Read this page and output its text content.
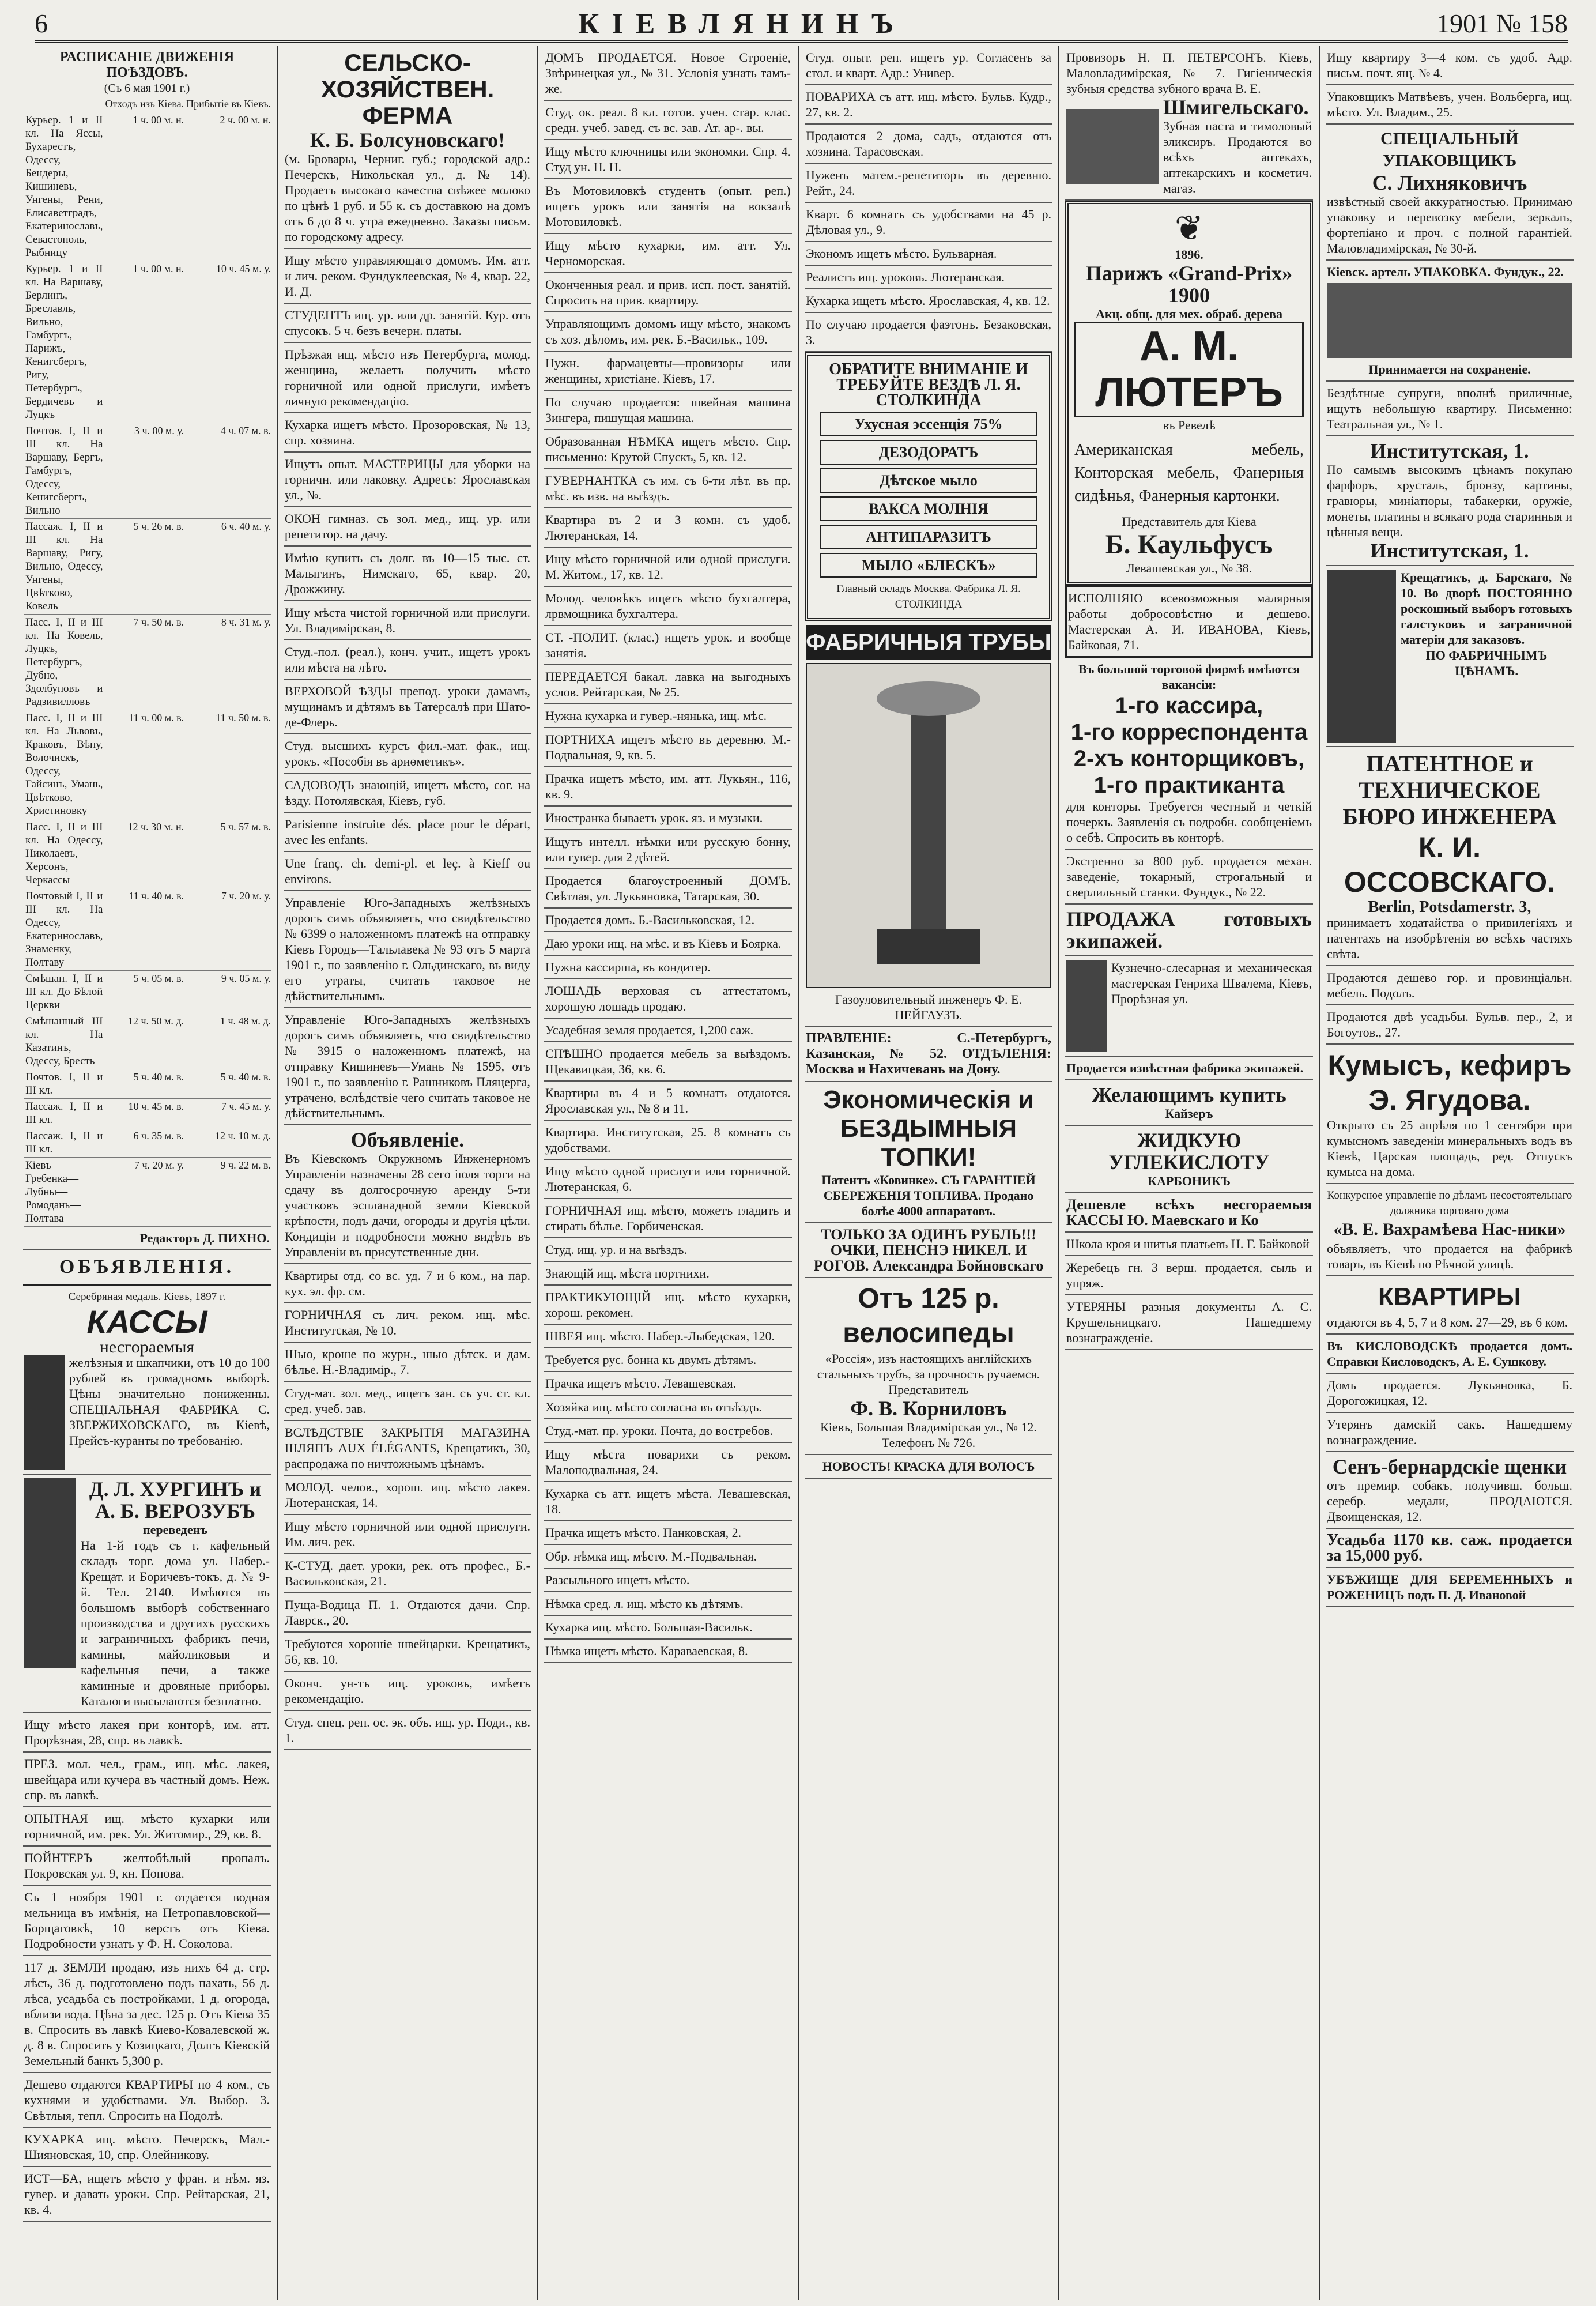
6	КІЕВЛЯНИНЪ	1901 № 158
РАСПИСАНІЕ ДВИЖЕНІЯ ПОѢЗДОВЪ.
(Съ 6 мая 1901 г.)
	Отходъ изъ Кіева.	Прибытіе въ Кіевъ.
Курьер. 1 и II кл. На Ясcы, Бухарестъ, Одессу, Бендеры, Кишиневъ, Унгены, Рени, Елисаветградъ, Екатеринославъ, Севастополь, Рыбницу	1 ч. 00 м. н.	2 ч. 00 м. н.
Курьер. 1 и II кл. На Варшаву, Берлинъ, Бреславль, Вильно, Гамбургъ, Парижъ, Кенигсбергъ, Ригу, Петербургъ, Бердичевъ и Луцкъ	1 ч. 00 м. н.	10 ч. 45 м. у.
Почтов. I, II и III кл. На Варшаву, Бергъ, Гамбургъ, Одессу, Кенигсбергъ, Вильно	3 ч. 00 м. у.	4 ч. 07 м. в.
Пассаж. I, II и III кл. На Варшаву, Ригу, Вильно, Одессу, Унгены, Цвѣтково, Ковель	5 ч. 26 м. в.	6 ч. 40 м. у.
Пасс. I, II и III кл. На Ковель, Луцкъ, Петербургъ, Дубно, Здолбуновъ и Радзивилловъ	7 ч. 50 м. в.	8 ч. 31 м. у.
Пасс. I, II и III кл. На Львовъ, Краковъ, Вѣну, Волочискъ, Одессу, Гайсинъ, Умань, Цвѣтково, Христиновку	11 ч. 00 м. в.	11 ч. 50 м. в.
Пасс. I, II и III кл. На Одессу, Николаевъ, Херсонъ, Черкассы	12 ч. 30 м. н.	5 ч. 57 м. в.
Почтовый I, II и III кл. На Одессу, Екатеринославъ, Знаменку, Полтаву	11 ч. 40 м. в.	7 ч. 20 м. у.
Смѣшан. I, II и III кл. До Бѣлой Церкви	5 ч. 05 м. в.	9 ч. 05 м. у.
Смѣшанный III кл. На Казатинъ, Одессу, Бресть	12 ч. 50 м. д.	1 ч. 48 м. д.
Почтов. I, II и III кл.	5 ч. 40 м. в.	5 ч. 40 м. в.
Пассаж. I, II и III кл.	10 ч. 45 м. в.	7 ч. 45 м. у.
Пассаж. I, II и III кл.	6 ч. 35 м. в.	12 ч. 10 м. д.
Кіевъ—Гребенка—Лубны—Ромодань—Полтава	7 ч. 20 м. у.	9 ч. 22 м. в.
Редакторъ Д. ПИХНО.
ОБЪЯВЛЕНІЯ.
Серебряная медаль. Кіевъ, 1897 г.
КАССЫ
несгораемыя
желѣзныя и шкапчики, отъ 10 до 100 рублей въ громадномъ выборѣ. Цѣны значительно пониженны. СПЕЦІАЛЬНАЯ ФАБРИКА С. ЗВЕРЖИХОВСКАГО, въ Кіевѣ, Прейсъ-куранты по требованію.
Д. Л. ХУРГИНЪ и А. Б. ВЕРОЗУБЪ
переведенъ
На 1-й годъ съ г. кафельный складъ торг. дома ул. Набер.-Крещат. и Боричевъ-токъ, д. № 9-й. Тел. 2140. Имѣются въ большомъ выборѣ собственнаго производства и другихъ русскихъ и заграничныхъ фабрикъ печи, камины, майоликовыя и кафельныя печи, а также каминные и дровяные приборы. Каталоги высылаются безплатно.
Ищу мѣсто лакея при конторѣ, им. атт. Прорѣзная, 28, спр. въ лавкѣ.
ПРЕЗ. мол. чел., грам., ищ. мѣс. лакея, швейцара или кучера въ частный домъ. Неж. спр. въ лавкѣ.
ОПЫТНАЯ ищ. мѣсто кухарки или горничной, им. рек. Ул. Житомир., 29, кв. 8.
ПОЙНТЕРЪ желтобѣлый пропалъ. Покровская ул. 9, кн. Попова.
Съ 1 ноября 1901 г. отдается водная мельница въ имѣнія, на Петропавловской—Борщаговкѣ, 10 верстъ отъ Кіева. Подробности узнать у Ф. Н. Соколова.
117 д. ЗЕМЛИ продаю, изъ нихъ 64 д. стр. лѣсъ, 36 д. подготовлено подъ пахать, 56 д. лѣса, усадьба съ постройками, 1 д. огорода, вблизи вода. Цѣна за дес. 125 р. Отъ Кіева 35 в. Спросить въ лавкѣ Киево-Ковалевской ж. д. 8 в. Спросить у Козицкаго, Долгъ Кіевскій Земельный банкъ 5,300 р.
Дешево отдаются КВАРТИРЫ по 4 ком., съ кухнями и удобствами. Ул. Выбор. 3. Свѣтлыя, тепл. Спросить на Подолѣ.
КУХАРКА ищ. мѣсто. Печерскъ, Мал.-Шияновская, 10, спр. Олейникову.
ИСТ—БА, ищетъ мѣсто у фран. и нѣм. яз. гувер. и давать уроки. Спр. Рейтарская, 21, кв. 4.
СЕЛЬСКО-ХОЗЯЙСТВЕН. ФЕРМА
К. Б. Болсуновскаго!
(м. Бровары, Черниг. губ.; городской адр.: Печерскъ, Никольская ул., д. № 14). Продаетъ высокаго качества свѣжее молоко по цѣнѣ 1 руб. и 55 к. съ доставкою на домъ отъ 6 до 8 ч. утра ежедневно. Заказы письм. по городскому адресу.
Ищу мѣсто управляющаго домомъ. Им. атт. и лич. реком. Фундуклеевская, № 4, квар. 22, И. Д.
СТУДЕНТЪ ищ. ур. или др. занятій. Кур. отъ спусокъ. 5 ч. безъ вечерн. платы.
Прѣзжая ищ. мѣсто изъ Петербурга, молод. женщина, желаетъ получить мѣсто горничной или одной прислуги, имѣетъ личную рекомендацію.
Кухарка ищетъ мѣсто. Прозоровская, № 13, спр. хозяина.
Ищутъ опыт. МАСТЕРИЦЫ для уборки на горничн. или лаковку. Адресъ: Ярославская ул., №.
ОКОН гимназ. съ зол. мед., ищ. ур. или репетитор. на дачу.
Имѣю купить съ долг. въ 10—15 тыс. ст. Малыгинъ, Нимскаго, 65, квар. 20, Дрожжину.
Ищу мѣста чистой горничной или прислуги. Ул. Владимірская, 8.
Студ.-пол. (реал.), конч. учит., ищетъ урокъ или мѣста на лѣто.
ВЕРХОВОЙ ѢЗДЫ препод. уроки дамамъ, мущинамъ и дѣтямъ въ Татерсалѣ при Шато-де-Флерь.
Студ. высшихъ курсъ фил.-мат. фак., ищ. урокъ. «Пособія въ ариѳметикъ».
САДОВОДЪ знающій, ищетъ мѣсто, сог. на ѣзду. Потолявская, Кіевъ, губ.
Parisienne instruite dés. place pour le départ, avec les enfants.
Une franç. ch. demi-pl. et leç. à Kieff ou environs.
Управленіе Юго-Западныхъ желѣзныхъ дорогъ симъ объявляетъ, что свидѣтельство № 6399 о наложенномъ платежѣ на отправку Кіевъ Городъ—Тальлавека № 93 отъ 5 марта 1901 г., по заявленію г. Ольдинскаго, въ виду его утраты, считать таковое не дѣйствительнымъ.
Управленіе Юго-Западныхъ желѣзныхъ дорогъ симъ объявляетъ, что свидѣтельство № 3915 о наложенномъ платежѣ, на отправку Кишиневъ—Умань № 1595, отъ 1901 г., по заявленію г. Рашниковъ Пляцерга, утрачено, вслѣдствіе чего считать таковое не дѣйствительнымъ.
Объявленіе.
Въ Кіевскомъ Окружномъ Инженерномъ Управленіи назначены 28 сего іюля торги на сдачу въ долгосрочную аренду 5-ти участковъ эспланадной земли Кіевской крѣпости, подъ дачи, огороды и другія цѣли. Кондиціи и подробности можно видѣть въ Управленіи въ присутственные дни.
Квартиры отд. со вс. уд. 7 и 6 ком., на пар. кух. эл. фр. см.
ГОРНИЧНАЯ съ лич. реком. ищ. мѣс. Институтская, № 10.
Шью, кроше по журн., шью дѣтск. и дам. бѣлье. Н.-Владимір., 7.
Студ-мат. зол. мед., ищетъ зан. съ уч. ст. кл. сред. учеб. зав.
ВСЛѢДСТВІЕ ЗАКРЫТІЯ МАГАЗИНА ШЛЯПЪ AUX ÉLÉGANTS, Крещатикъ, 30, распродажа по ничтожнымъ цѣнамъ.
МОЛОД. челов., хорош. ищ. мѣсто лакея. Лютеранская, 14.
Ищу мѣсто горничной или одной прислуги. Им. лич. рек.
К-СТУД. дает. уроки, рек. отъ профес., Б.-Васильковская, 21.
Пуща-Водица П. 1. Отдаются дачи. Спр. Лаврск., 20.
Требуются хорошіе швейцарки. Крещатикъ, 56, кв. 10.
Оконч. ун-тъ ищ. уроковъ, имѣетъ рекомендацію.
Студ. спец. реп. ос. эк. объ. ищ. ур. Поди., кв. 1.
ДОМЪ ПРОДАЕТСЯ. Новое Строеніе, Звѣринецкая ул., № 31. Условія узнать тамъ-же.
Студ. ок. реал. 8 кл. готов. учен. стар. клас. средн. учеб. завед. съ вс. зав. Ат. ар-. вы.
Ищу мѣсто ключницы или экономки. Спр. 4. Студ ун. Н. Н.
Въ Мотовиловкѣ студентъ (опыт. реп.) ищетъ урокъ или занятія на вокзалѣ Мотовиловкѣ.
Ищу мѣсто кухарки, им. атт. Ул. Черноморская.
Оконченныя реал. и прив. исп. пост. занятій. Спросить на прив. квартиру.
Управляющимъ домомъ ищу мѣсто, знакомъ съ хоз. дѣломъ, им. рек. Б.-Васильк., 109.
Нужн. фармацевты—провизоры или женщины, христіане. Кіевъ, 17.
По случаю продается: швейная машина Зингера, пишущая машина.
Образованная НѢМКА ищетъ мѣсто. Спр. письменно: Крутой Спускъ, 5, кв. 12.
ГУВЕРНАНТКА съ им. съ 6-ти лѣт. въ пр. мѣс. въ изв. на выѣздъ.
Квартира въ 2 и 3 комн. съ удоб. Лютеранская, 14.
Ищу мѣсто горничной или одной прислуги. М. Житом., 17, кв. 12.
Молод. человѣкъ ищетъ мѣсто бухгалтера, лрвмощника бухгалтера.
СТ. -ПОЛИТ. (клас.) ищетъ урок. и вообще занятія.
ПЕРЕДАЕТСЯ бакал. лавка на выгодныхъ услов. Рейтарская, № 25.
Нужна кухарка и гувер.-нянька, ищ. мѣс.
ПОРТНИХА ищетъ мѣсто въ деревню. М.-Подвальная, 9, кв. 5.
Прачка ищетъ мѣсто, им. атт. Лукьян., 116, кв. 9.
Иностранка бываетъ урок. яз. и музыки.
Ищутъ интелл. нѣмки или русскую бонну, или гувер. для 2 дѣтей.
Продается благоустроенный ДОМЪ. Свѣтлая, ул. Лукьяновка, Татарская, 30.
Продается домъ. Б.-Васильковская, 12.
Даю уроки ищ. на мѣс. и въ Кіевъ и Боярка.
Нужна кассирша, въ кондитер.
ЛОШАДЬ верховая съ аттестатомъ, хорошую лошадь продаю.
Усадебная земля продается, 1,200 саж.
СПѢШНО продается мебель за выѣздомъ. Щекавицкая, 36, кв. 6.
Квартиры въ 4 и 5 комнатъ отдаются. Ярославская ул., № 8 и 11.
Квартира. Институтская, 25. 8 комнатъ съ удобствами.
Ищу мѣсто одной прислуги или горничной. Лютеранская, 6.
ГОРНИЧНАЯ ищ. мѣсто, можетъ гладить и стирать бѣлье. Горбиченская.
Студ. ищ. ур. и на выѣздъ.
Знающій ищ. мѣста портнихи.
ПРАКТИКУЮЩІЙ ищ. мѣсто кухарки, хорош. рекомен.
ШВЕЯ ищ. мѣсто. Набер.-Лыбедская, 120.
Требуется рус. бонна къ двумъ дѣтямъ.
Прачка ищетъ мѣсто. Левашевская.
Хозяйка ищ. мѣсто согласна въ отъѣздъ.
Студ.-мат. пр. уроки. Почта, до востребов.
Ищу мѣста поварихи съ реком. Малоподвальная, 24.
Кухарка съ атт. ищетъ мѣста. Левашевская, 18.
Прачка ищетъ мѣсто. Панковская, 2.
Обр. нѣмка ищ. мѣсто. М.-Подвальная.
Разсыльного ищетъ мѣсто.
Нѣмка сред. л. ищ. мѣсто къ дѣтямъ.
Кухарка ищ. мѣсто. Большая-Васильк.
Нѣмка ищетъ мѣсто. Караваевская, 8.
Студ. опыт. реп. ищетъ ур. Согласенъ за стол. и кварт. Адр.: Универ.
ПОВАРИХА съ атт. ищ. мѣсто. Бульв. Кудр., 27, кв. 2.
Продаются 2 дома, садъ, отдаются отъ хозяина. Тарасовская.
Нуженъ матем.-репетиторъ въ деревню. Рейт., 24.
Кварт. 6 комнатъ съ удобствами на 45 р. Дѣловая ул., 9.
Экономъ ищетъ мѣсто. Бульварная.
Реалистъ ищ. уроковъ. Лютеранская.
Кухарка ищетъ мѣсто. Ярославская, 4, кв. 12.
По случаю продается фаэтонъ. Безаковская, 3.
ОБРАТИТЕ ВНИМАНІЕ И ТРЕБУЙТЕ ВЕЗДѢ Л. Я. СТОЛКИНДА
Ухусная эссенція 75%
ДЕЗОДОРАТЪ
Дѣтское мыло
ВАКСА МОЛНІЯ
АНТИПАРАЗИТЪ
МЫЛО «БЛЕСКЪ»
Главный складъ Москва. Фабрика Л. Я. СТОЛКИНДА
ФАБРИЧНЫЯ ТРУБЫ
Газоуловительный инженеръ Ф. Е. НЕЙГАУЗЪ.
ПРАВЛЕНІЕ: С.-Петербургъ, Казанская, № 52. ОТДѢЛЕНІЯ: Москва и Нахичевань на Дону.
Экономическія и БЕЗДЫМНЫЯ ТОПКИ!
Патентъ «Ковинке». СЪ ГАРАНТІЕЙ СБЕРЕЖЕНІЯ ТОПЛИВА. Продано болѣе 4000 аппаратовъ.
ТОЛЬКО ЗА ОДИНЪ РУБЛЬ!!! ОЧКИ, ПЕНСНЭ НИКЕЛ. И РОГОВ. Александра Бойновскаго
Отъ 125 р. велосипеды
«Россія», изъ настоящихъ англійскихъ стальныхъ трубъ, за прочность ручаемся. Представитель
Ф. В. Корниловъ
Кіевъ, Большая Владимірская ул., № 12. Телефонъ № 726.
НОВОСТЬ! КРАСКА ДЛЯ ВОЛОСЪ
Провизоръ Н. П. ПЕТЕРСОНЪ. Кіевъ, Маловладимірская, № 7. Гигіеническія зубныя средства зубного врача В. Е.
Шмигельскаго.
Зубная паста и тимоловый эликсиръ. Продаются во всѣхъ аптекахъ, аптекарскихъ и косметич. магаз.
❦
1896.
Парижъ «Grand-Prix» 1900
Акц. общ. для мех. обраб. дерева
А. М. ЛЮТЕРЪ
въ Ревелѣ
Американская мебель, Конторская мебель, Фанерныя сидѣнья, Фанерныя картонки.
Представитель для Кіева
Б. Каульфусъ
Левашевская ул., № 38.
ИСПОЛНЯЮ всевозможныя малярныя работы добросовѣстно и дешево. Мастерская А. И. ИВАНОВА, Кіевъ, Байковая, 71.
Въ большой торговой фирмѣ имѣются вакансіи:
1-го кассира,
1-го корреспондента
2-хъ конторщиковъ,
1-го практиканта
для конторы. Требуется честный и четкій почеркъ. Заявленія съ подробн. сообщеніемъ о себѣ. Спросить въ конторѣ.
Экстренно за 800 руб. продается механ. заведеніе, токарный, строгальный и сверлильный станки. Фундук., № 22.
ПРОДАЖА готовыхъ экипажей.
Кузнечно-слесарная и механическая мастерская Генриха Швалема, Кіевъ, Прорѣзная ул.
Продается извѣстная фабрика экипажей.
Желающимъ купить
Кайзеръ
ЖИДКУЮ УГЛЕКИСЛОТУ
КАРБОНИКЪ
Дешевле всѣхъ несгораемыя КАССЫ Ю. Маевскаго и Ко
Школа кроя и шитья платьевъ Н. Г. Байковой
Жеребецъ гн. 3 верш. продается, сыль и упряж.
УТЕРЯНЫ разныя документы А. С. Крушельницкаго. Нашедшему вознагражденіе.
Ищу квартиру 3—4 ком. съ удоб. Адр. письм. почт. ящ. № 4.
Упаковщикъ Матвѣевъ, учен. Вольберга, ищ. мѣсто. Ул. Владим., 25.
СПЕЦІАЛЬНЫЙ УПАКОВЩИКЪ
С. Лихняковичъ
извѣстный своей аккуратностью. Принимаю упаковку и перевозку мебели, зеркалъ, фортепіано и проч. с полной гарантіей. Маловладимірская, № 30-й.
Кіевск. артель УПАКОВКА. Фундук., 22.
Принимается на сохраненіе.
Бездѣтные супруги, вполнѣ приличные, ищутъ небольшую квартиру. Письменно: Театральная ул., № 1.
Институтская, 1.
По самымъ высокимъ цѣнамъ покупаю фарфоръ, хрусталь, бронзу, картины, гравюры, миніатюры, табакерки, оружіе, монеты, платины и всякаго рода старинныя и цѣнныя вещи.
Институтская, 1.
Крещатикъ, д. Барскаго, № 10. Во дворѣ ПОСТОЯННО роскошный выборъ готовыхъ галстуковъ и заграничной матеріи для заказовъ.
ПО ФАБРИЧНЫМЪ ЦѢНАМЪ.
ПАТЕНТНОЕ и ТЕХНИЧЕСКОЕ БЮРО ИНЖЕНЕРА
К. И. ОССОВСКАГО.
Berlin, Potsdamerstr. 3,
принимаетъ ходатайства о привилегіяхъ и патентахъ на изобрѣтенія во всѣхъ частяхъ свѣта.
Продаются дешево гор. и провинціальн. мебель. Подолъ.
Продаются двѣ усадьбы. Бульв. пер., 2, и Богоутов., 27.
Кумысъ, кефиръ
Э. Ягудова.
Открыто съ 25 апрѣля по 1 сентября при кумысномъ заведеніи минеральныхъ водъ въ Кіевѣ, Царская площадь, ред. Отпускъ кумыса на дома.
Конкурсное управленіе по дѣламъ несостоятельнаго должника торговаго дома
«В. Е. Вахрамѣева Нас-ники»
объявляетъ, что продается на фабрикѣ товаръ, въ Кіевѣ по Рѣчной улицѣ.
КВАРТИРЫ
отдаются въ 4, 5, 7 и 8 ком. 27—29, въ 6 ком.
Въ КИСЛОВОДСКѢ продается домъ. Справки Кисловодскъ, А. Е. Сушкову.
Домъ продается. Лукьяновка, Б. Дорогожицкая, 12.
Утерянъ дамскій сакъ. Нашедшему вознаграждение.
Сенъ-бернардскіе щенки
отъ премир. собакъ, получивш. больш. серебр. медали, ПРОДАЮТСЯ. Двоищенская, 12.
Усадьба 1170 кв. саж. продается за 15,000 руб.
УБѢЖИЩЕ ДЛЯ БЕРЕМЕННЫХЪ и РОЖЕНИЦЪ подъ П. Д. Ивановой
